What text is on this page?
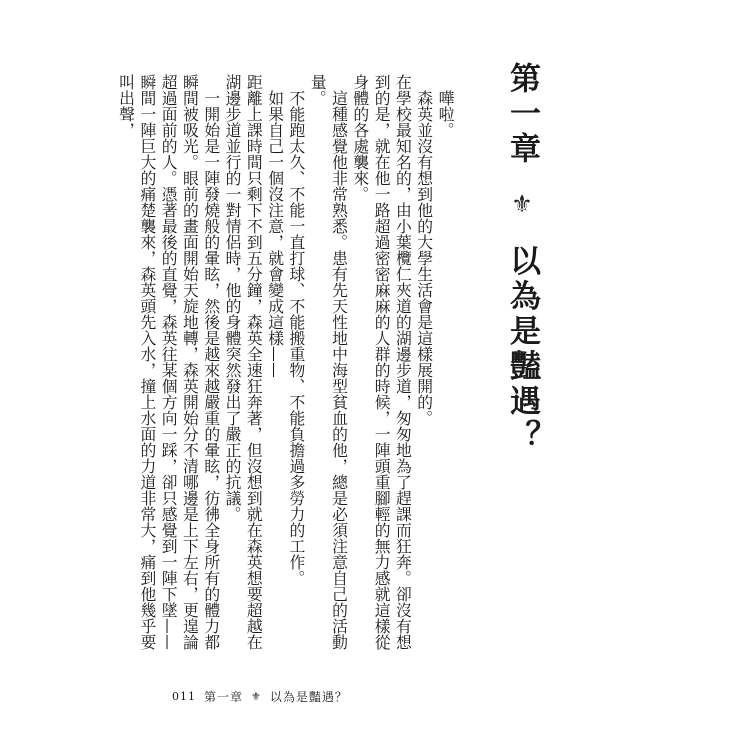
第一章 ⚜ 以為是豔遇？

嘩啦。

森英並沒有想到他的大學生活會是這樣展開的。

在學校最知名的，由小葉欖仁夾道的湖邊步道，匆匆地為了趕課而狂奔。卻沒有想到的是，就在他一路超過密密麻麻的人群的時候，一陣頭重腳輕的無力感就這樣從身體的各處襲來。

這種感覺他非常熟悉。患有先天性地中海型貧血的他，總是必須注意自己的活動量。

不能跑太久、不能一直打球、不能搬重物、不能負擔過多勞力的工作。

如果自己一個沒注意，就會變成這樣——

距離上課時間只剩下不到五分鐘，森英全速狂奔著，但沒想到就在森英想要超越在湖邊步道並行的一對情侶時，他的身體突然發出了嚴正的抗議。

一開始是一陣發燒般的暈眩，然後是越來越嚴重的暈眩，彷彿全身所有的體力都瞬間被吸光。眼前的畫面開始天旋地轉，森英開始分不清哪邊是上下左右，更遑論超過面前的人。憑著最後的直覺，森英往某個方向一踩，卻只感覺到一陣下墜——

瞬間一陣巨大的痛楚襲來，森英頭先入水，撞上水面的力道非常大，痛到他幾乎要叫出聲，

011 第一章 ⚜ 以為是豔遇？
